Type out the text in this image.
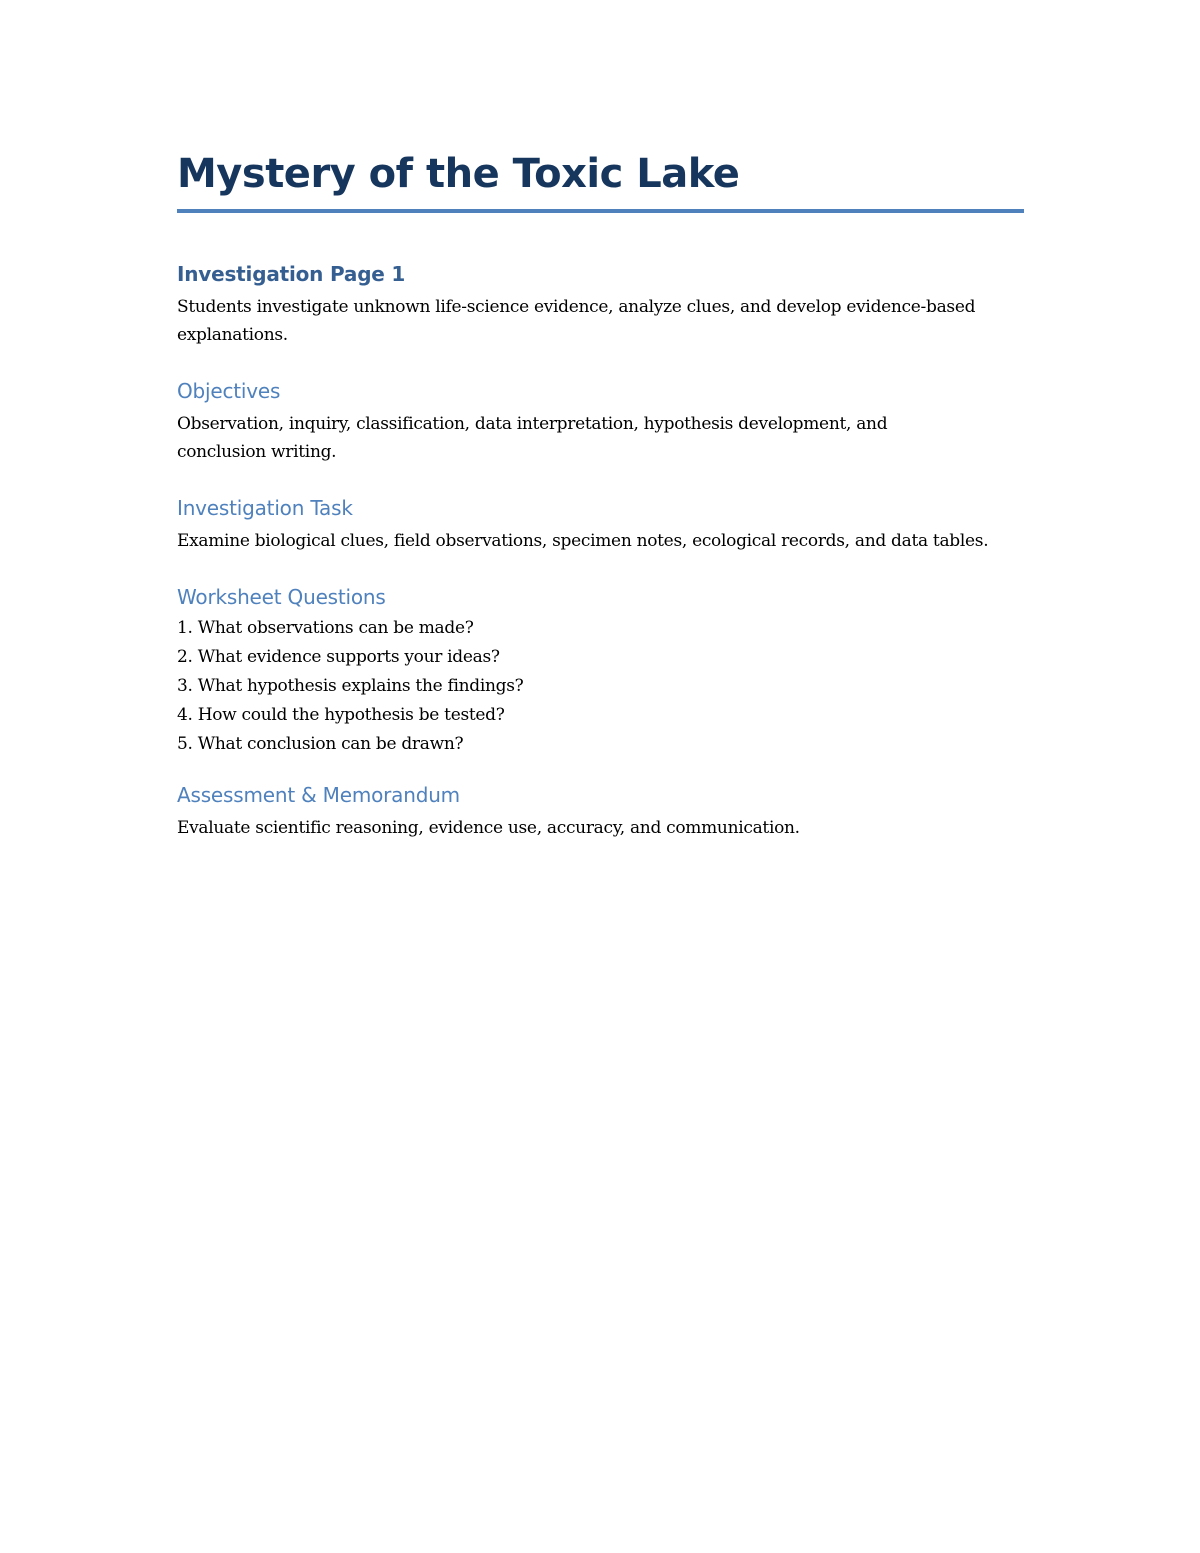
Mystery of the Toxic Lake
Investigation Page 1

Students investigate unknown life-science evidence, analyze clues, and develop evidence-based explanations.

Objectives

Observation, inquiry, classification, data interpretation, hypothesis development, and conclusion writing.

Investigation Task

Examine biological clues, field observations, specimen notes, ecological records, and data tables.

Worksheet Questions
1. What observations can be made?
2. What evidence supports your ideas?
3. What hypothesis explains the findings?
4. How could the hypothesis be tested?
5. What conclusion can be drawn?
Assessment & Memorandum

Evaluate scientific reasoning, evidence use, accuracy, and communication.
